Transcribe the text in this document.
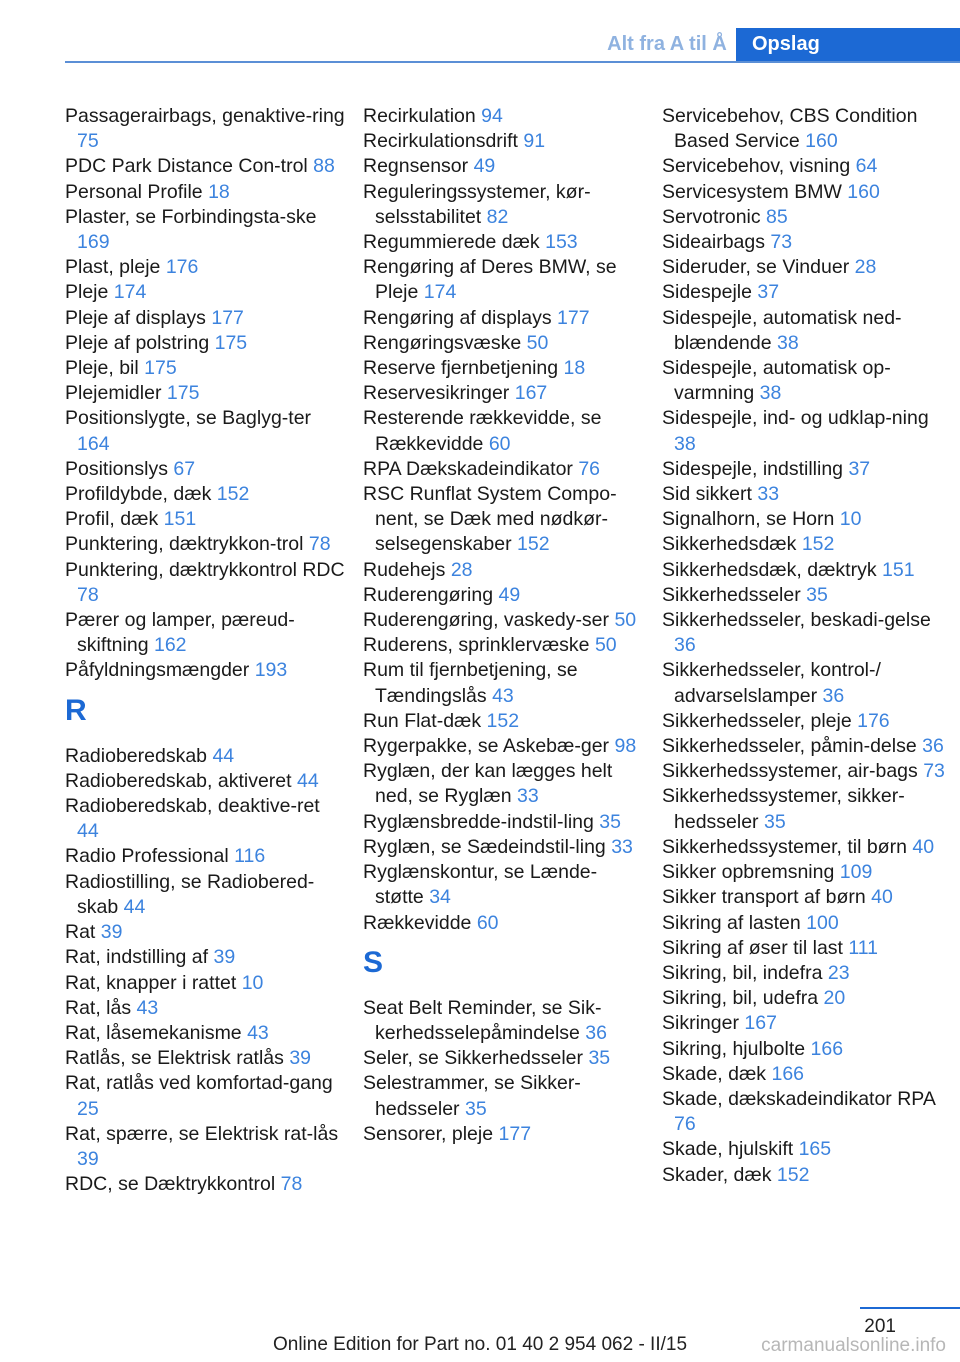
Alt fra A til Å	Opslag
Passagerairbags, genaktive-ring 75
PDC Park Distance Con-trol 88
Personal Profile 18
Plaster, se Forbindingsta-ske 169
Plast, pleje 176
Pleje 174
Pleje af displays 177
Pleje af polstring 175
Pleje, bil 175
Plejemidler 175
Positionslygte, se Baglyg-ter 164
Positionslys 67
Profildybde, dæk 152
Profil, dæk 151
Punktering, dæktrykkon-trol 78
Punktering, dæktrykkontrol RDC 78
Pærer og lamper, pæreud-skiftning 162
Påfyldningsmængder 193
R
Radioberedskab 44
Radioberedskab, aktiveret 44
Radioberedskab, deaktive-ret 44
Radio Professional 116
Radiostilling, se Radiobered-skab 44
Rat 39
Rat, indstilling af 39
Rat, knapper i rattet 10
Rat, lås 43
Rat, låsemekanisme 43
Ratlås, se Elektrisk ratlås 39
Rat, ratlås ved komfortad-gang 25
Rat, spærre, se Elektrisk rat-lås 39
RDC, se Dæktrykkontrol 78
Recirkulation 94
Recirkulationsdrift 91
Regnsensor 49
Reguleringssystemer, kør-selsstabilitet 82
Regummierede dæk 153
Rengøring af Deres BMW, se Pleje 174
Rengøring af displays 177
Rengøringsvæske 50
Reserve fjernbetjening 18
Reservesikringer 167
Resterende rækkevidde, se Rækkevidde 60
RPA Dækskadeindikator 76
RSC Runflat System Compo-nent, se Dæk med nødkør-selsegenskaber 152
Rudehejs 28
Ruderengøring 49
Ruderengøring, vaskedy-ser 50
Ruderens, sprinklervæske 50
Rum til fjernbetjening, se Tændingslås 43
Run Flat-dæk 152
Rygerpakke, se Askebæ-ger 98
Ryglæn, der kan lægges helt ned, se Ryglæn 33
Ryglænsbredde-indstil-ling 35
Ryglæn, se Sædeindstil-ling 33
Ryglænskontur, se Lænde-støtte 34
Rækkevidde 60
S
Seat Belt Reminder, se Sik-kerhedsselepåmindelse 36
Seler, se Sikkerhedsseler 35
Selestrammer, se Sikker-hedsseler 35
Sensorer, pleje 177
Servicebehov, CBS Condition Based Service 160
Servicebehov, visning 64
Servicesystem BMW 160
Servotronic 85
Sideairbags 73
Sideruder, se Vinduer 28
Sidespejle 37
Sidespejle, automatisk ned-blændende 38
Sidespejle, automatisk op-varmning 38
Sidespejle, ind- og udklap-ning 38
Sidespejle, indstilling 37
Sid sikkert 33
Signalhorn, se Horn 10
Sikkerhedsdæk 152
Sikkerhedsdæk, dæktryk 151
Sikkerhedsseler 35
Sikkerhedsseler, beskadi-gelse 36
Sikkerhedsseler, kontrol-/ advarselslamper 36
Sikkerhedsseler, pleje 176
Sikkerhedsseler, påmin-delse 36
Sikkerhedssystemer, air-bags 73
Sikkerhedssystemer, sikker-hedsseler 35
Sikkerhedssystemer, til børn 40
Sikker opbremsning 109
Sikker transport af børn 40
Sikring af lasten 100
Sikring af øser til last 111
Sikring, bil, indefra 23
Sikring, bil, udefra 20
Sikringer 167
Sikring, hjulbolte 166
Skade, dæk 166
Skade, dækskadeindikator RPA 76
Skade, hjulskift 165
Skader, dæk 152
201
Online Edition for Part no. 01 40 2 954 062 - II/15	carmanualsonline.info
